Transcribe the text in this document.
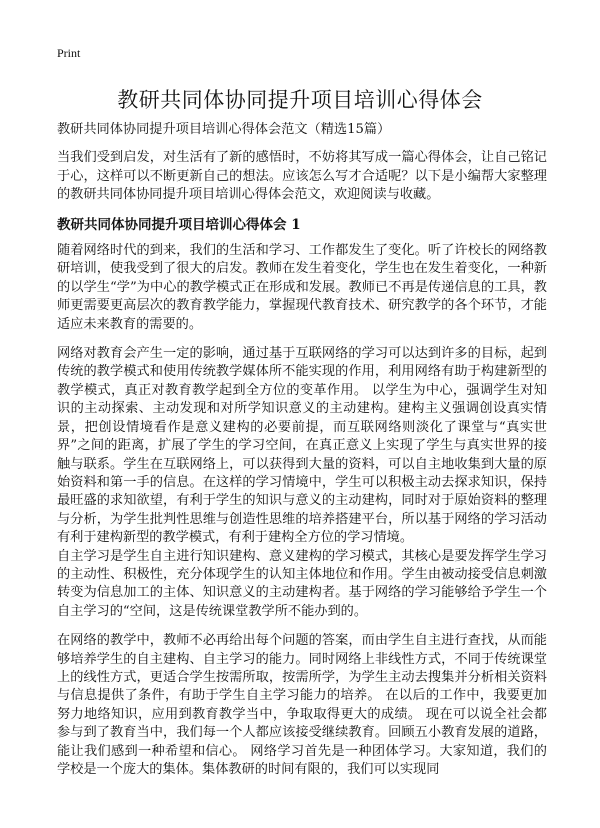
Print
教研共同体协同提升项目培训心得体会

教研共同体协同提升项目培训心得体会范文（精选15篇）

当我们受到启发，对生活有了新的感悟时，不妨将其写成一篇心得体会，让自己铭记于心，这样可以不断更新自己的想法。应该怎么写才合适呢？以下是小编帮大家整理的教研共同体协同提升项目培训心得体会范文，欢迎阅读与收藏。

教研共同体协同提升项目培训心得体会 1

随着网络时代的到来，我们的生活和学习、工作都发生了变化。听了许校长的网络教研培训，使我受到了很大的启发。教师在发生着变化，学生也在发生着变化，一种新的以学生“学”为中心的教学模式正在形成和发展。教师已不再是传递信息的工具，教师更需要更高层次的教育教学能力，掌握现代教育技术、研究教学的各个环节，才能适应未来教育的需要的。

网络对教育会产生一定的影响，通过基于互联网络的学习可以达到许多的目标，起到传统的教学模式和使用传统教学媒体所不能实现的作用，利用网络有助于构建新型的教学模式，真正对教育教学起到全方位的变革作用。 以学生为中心，强调学生对知识的主动探索、主动发现和对所学知识意义的主动建构。建构主义强调创设真实情景，把创设情境看作是意义建构的必要前提，而互联网络则淡化了课堂与“真实世界”之间的距离，扩展了学生的学习空间，在真正意义上实现了学生与真实世界的接触与联系。学生在互联网络上，可以获得到大量的资料，可以自主地收集到大量的原始资料和第一手的信息。在这样的学习情境中，学生可以积极主动去探求知识，保持最旺盛的求知欲望，有利于学生的知识与意义的主动建构，同时对于原始资料的整理与分析，为学生批判性思维与创造性思维的培养搭建平台，所以基于网络的学习活动有利于建构新型的教学模式，有利于建构全方位的学习情境。

自主学习是学生自主进行知识建构、意义建构的学习模式，其核心是要发挥学生学习的主动性、积极性，充分体现学生的认知主体地位和作用。学生由被动接受信息刺激转变为信息加工的主体、知识意义的主动建构者。基于网络的学习能够给予学生一个自主学习的“空间，这是传统课堂教学所不能办到的。

在网络的教学中，教师不必再给出每个问题的答案，而由学生自主进行查找，从而能够培养学生的自主建构、自主学习的能力。同时网络上非线性方式，不同于传统课堂上的线性方式，更适合学生按需所取，按需所学，为学生主动去搜集并分析相关资料与信息提供了条件，有助于学生自主学习能力的培养。 在以后的工作中，我要更加努力地络知识，应用到教育教学当中，争取取得更大的成绩。 现在可以说全社会都参与到了教育当中，我们每一个人都应该接受继续教育。回顾五小教育发展的道路，能让我们感到一种希望和信心。 网络学习首先是一种团体学习。大家知道，我们的学校是一个庞大的集体。集体教研的时间有限的，我们可以实现同
